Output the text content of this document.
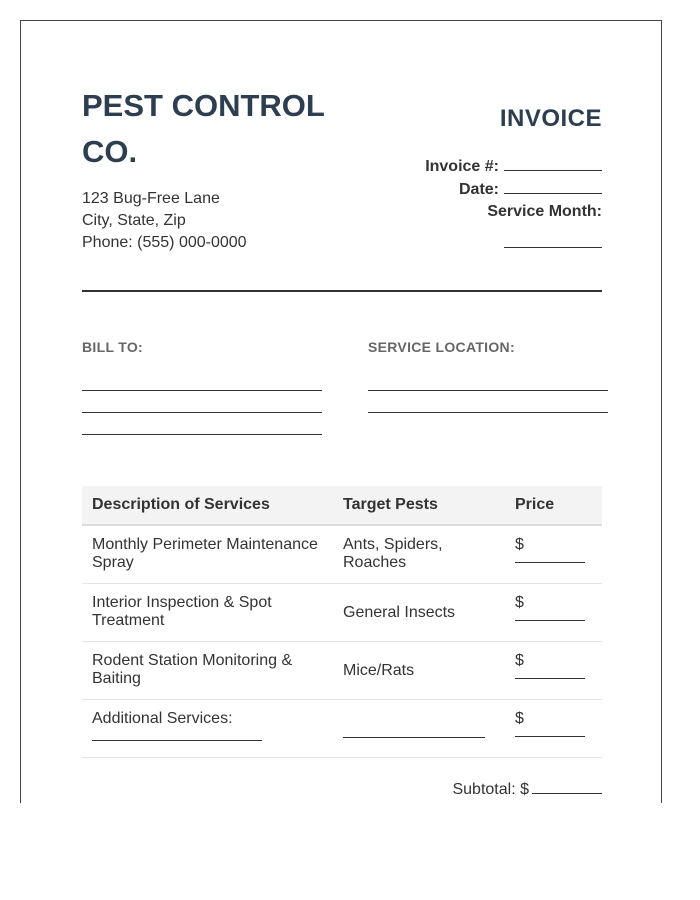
PEST CONTROL CO.
123 Bug-Free Lane
City, State, Zip
Phone: (555) 000-0000
INVOICE
Invoice #:
Date:
Service Month:
BILL TO:	SERVICE LOCATION:
Description of Services	Target Pests	Price
Monthly Perimeter Maintenance Spray	Ants, Spiders, Roaches	$

Interior Inspection & Spot Treatment	General Insects	$

Rodent Station Monitoring & Baiting	Mice/Rats	$

Additional Services:		$
Subtotal: $
